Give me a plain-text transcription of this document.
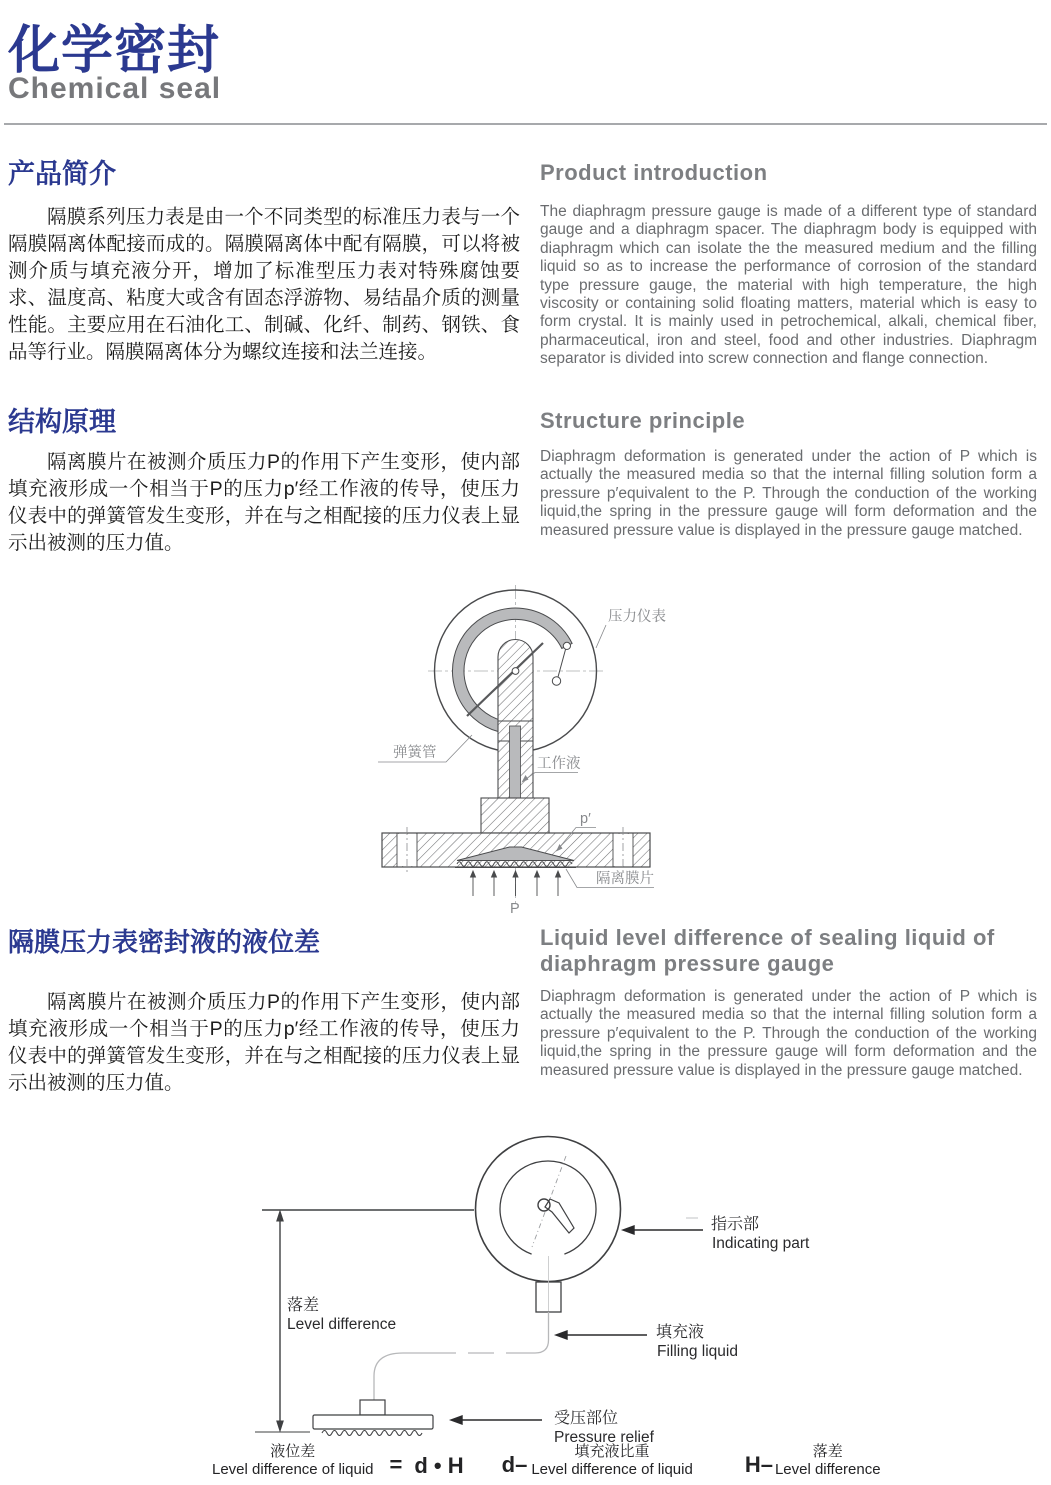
化学密封
Chemical seal
产品简介
隔膜系列压力表是由一个不同类型的标准压力表与一个隔膜隔离体配接而成的。隔膜隔离体中配有隔膜，可以将被测介质与填充液分开，增加了标准型压力表对特殊腐蚀要求、温度高、粘度大或含有固态浮游物、易结晶介质的测量性能。主要应用在石油化工、制碱、化纤、制药、钢铁、食品等行业。隔膜隔离体分为螺纹连接和法兰连接。
Product introduction
The diaphragm pressure gauge is made of a different type of standard gauge and a diaphragm spacer. The diaphragm body is equipped with diaphragm which can isolate the the measured medium and the filling liquid so as to increase the performance of corrosion of the standard type pressure gauge, the material with high temperature, the high viscosity or containing solid floating matters, material which is easy to form crystal. It is mainly used in petrochemical, alkali, chemical fiber, pharmaceutical, iron and steel, food and other industries. Diaphragm separator is divided into screw connection and flange connection.
结构原理
隔离膜片在被测介质压力P的作用下产生变形，使内部填充液形成一个相当于P的压力p′经工作液的传导，使压力仪表中的弹簧管发生变形，并在与之相配接的压力仪表上显示出被测的压力值。
Structure principle
Diaphragm deformation is generated under the action of P which is actually the measured media so that the internal filling solution form a pressure p′equivalent to the P. Through the conduction of the working liquid,the spring in the pressure gauge will form deformation and the measured pressure value is displayed in the pressure gauge matched.
压力仪表
弹簧管
工作液
p′
隔离膜片
P
隔膜压力表密封液的液位差	Liquid level difference of sealing liquid of diaphragm pressure gauge
隔离膜片在被测介质压力P的作用下产生变形，使内部填充液形成一个相当于P的压力p′经工作液的传导，使压力仪表中的弹簧管发生变形，并在与之相配接的压力仪表上显示出被测的压力值。
Diaphragm deformation is generated under the action of P which is actually the measured media so that the internal filling solution form a pressure p′equivalent to the P. Through the conduction of the working liquid,the spring in the pressure gauge will form deformation and the measured pressure value is displayed in the pressure gauge matched.
落差
Level difference
指示部
Indicating part
填充液
Filling liquid
受压部位
Pressure relief
液位差
Level difference of liquid = d • H d–	填充液比重
Level difference of liquid H–	落差
Level difference
